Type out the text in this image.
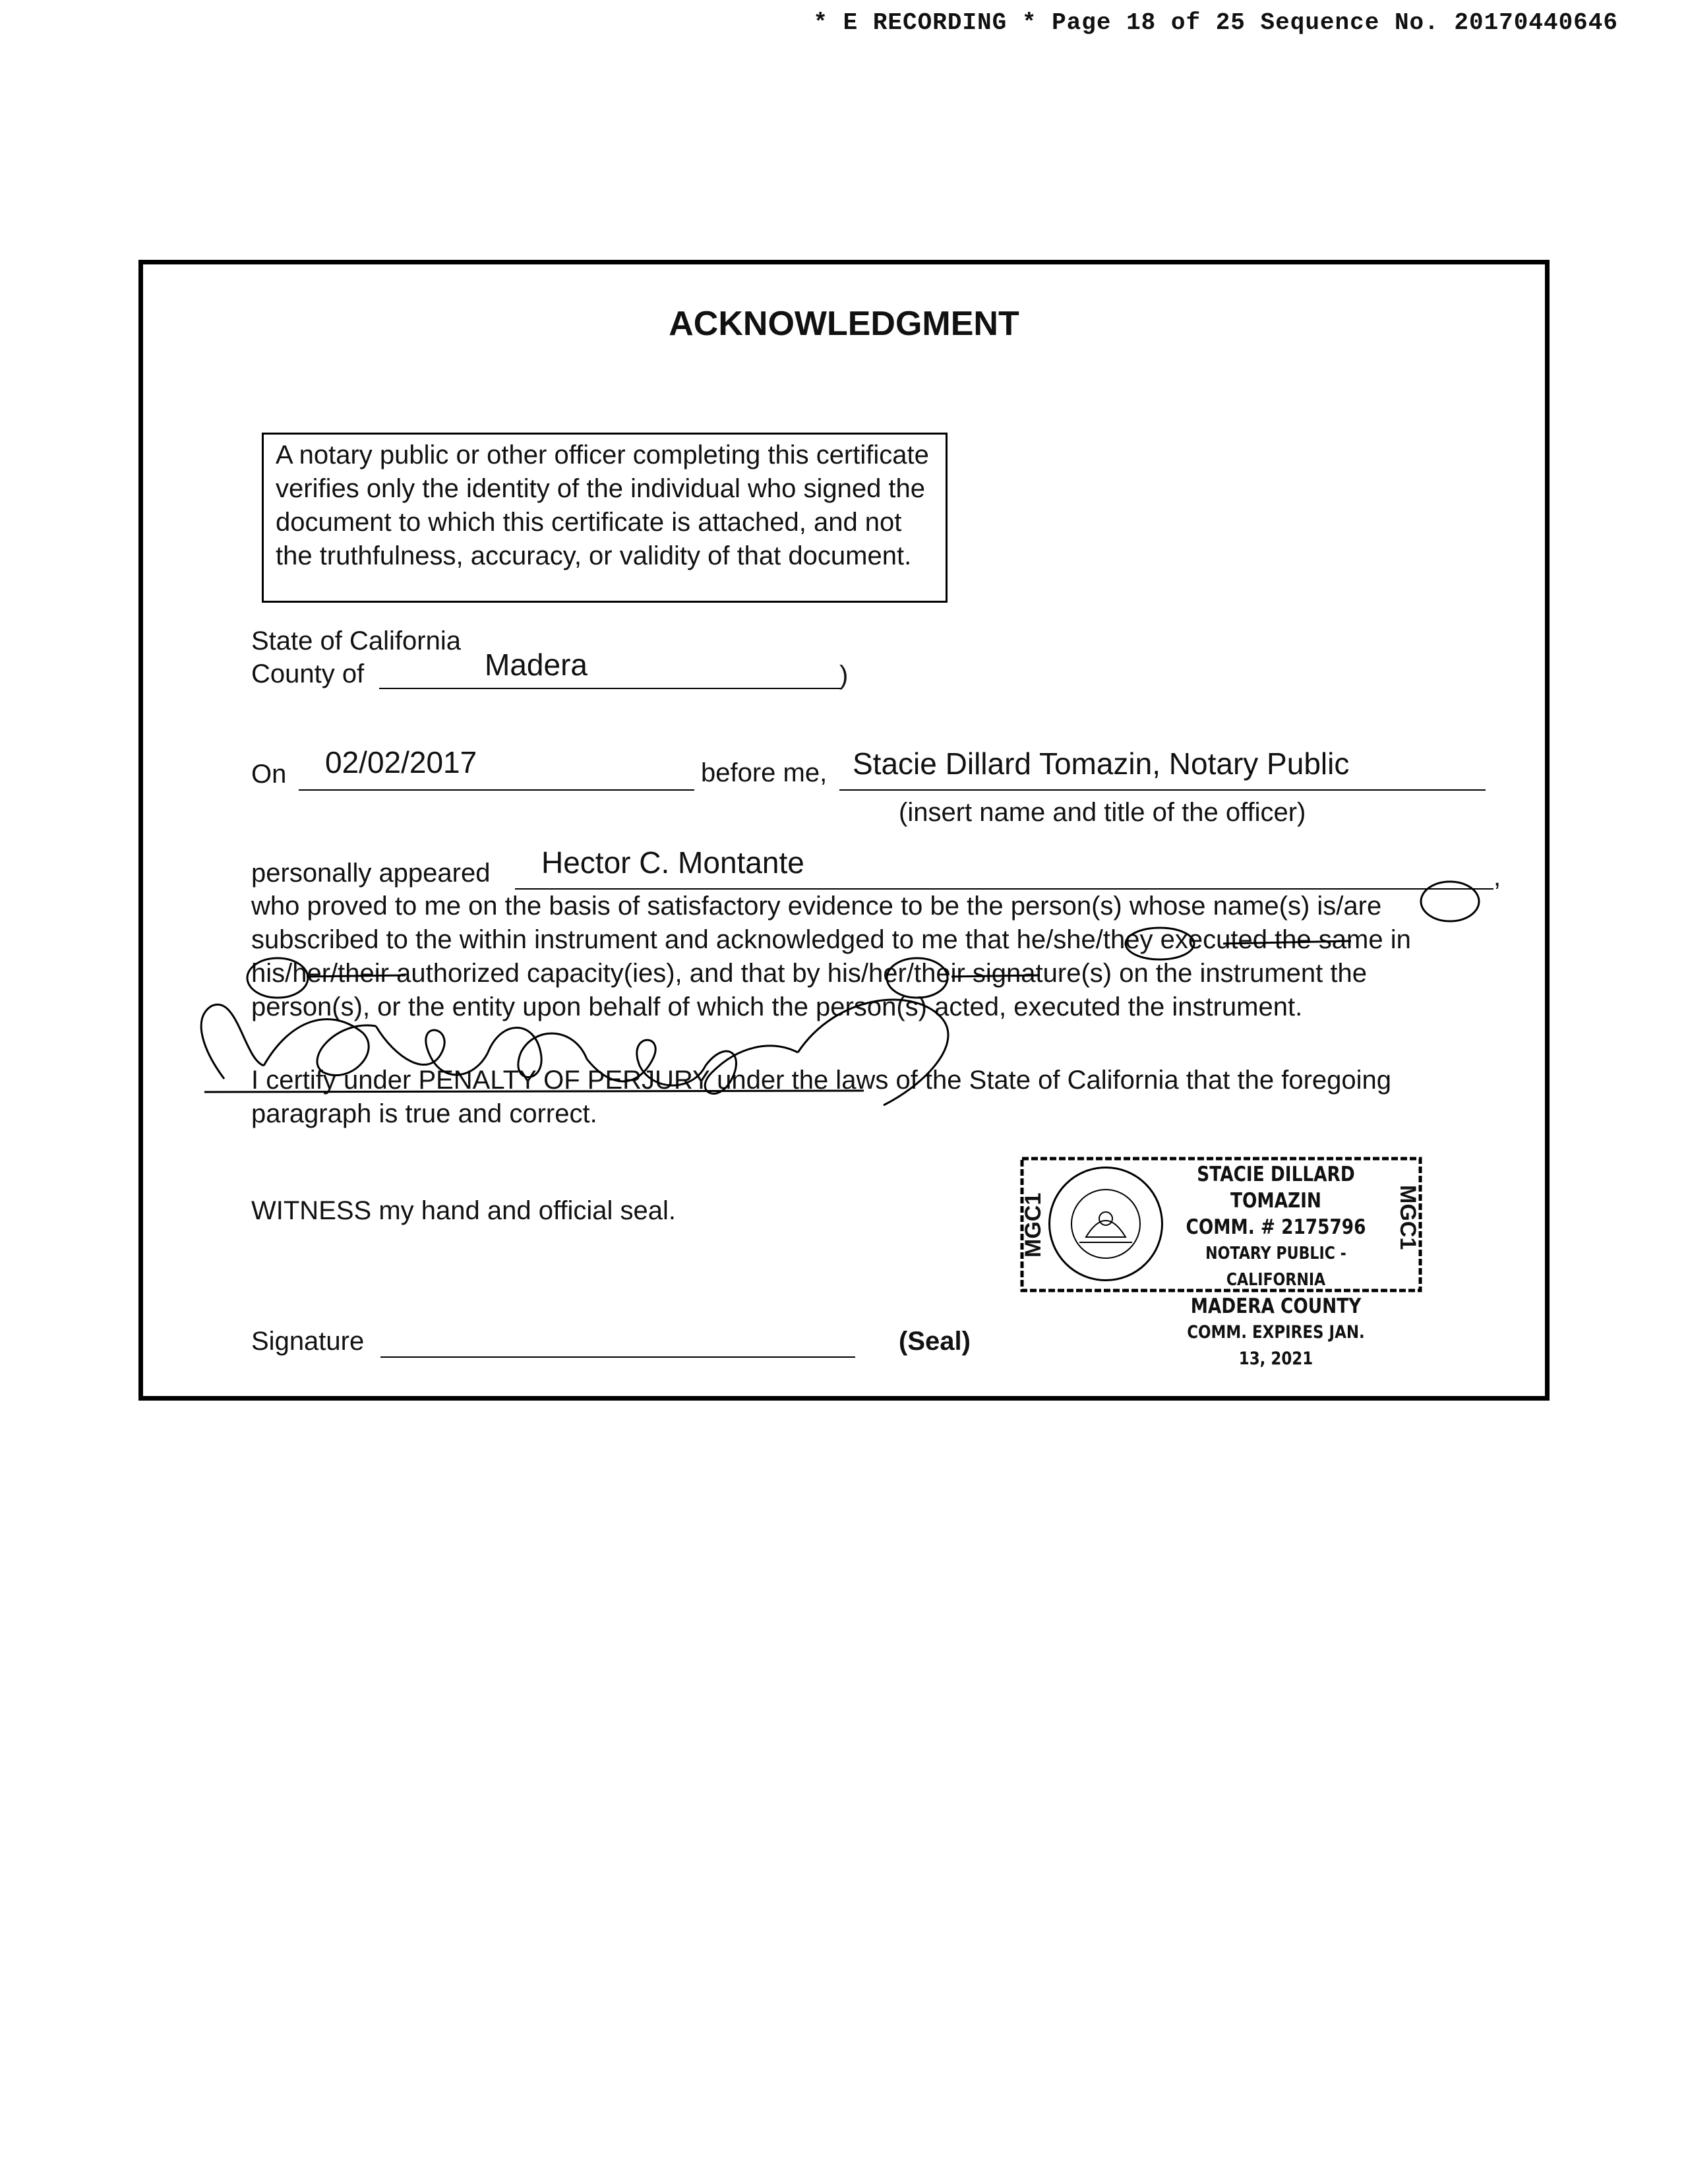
* E RECORDING * Page 18 of 25 Sequence No. 20170440646
ACKNOWLEDGMENT
A notary public or other officer completing this certificate verifies only the identity of the individual who signed the document to which this certificate is attached, and not the truthfulness, accuracy, or validity of that document.
State of California
County of	Madera	)
On 02/02/2017	before me, Stacie Dillard Tomazin, Notary Public
(insert name and title of the officer)
personally appeared Hector C. Montante	,
who proved to me on the basis of satisfactory evidence to be the person(s) whose name(s) is/are
subscribed to the within instrument and acknowledged to me that he/she/they executed the same in
his/her/their authorized capacity(ies), and that by his/her/their signature(s) on the instrument the
person(s), or the entity upon behalf of which the person(s) acted, executed the instrument.
I certify under PENALTY OF PERJURY under the laws of the State of California that the foregoing paragraph is true and correct.
WITNESS my hand and official seal.
Signature	(Seal)
MGC1	MGC1
STACIE DILLARD TOMAZIN
COMM. # 2175796
NOTARY PUBLIC - CALIFORNIA
MADERA COUNTY
COMM. EXPIRES JAN. 13, 2021
